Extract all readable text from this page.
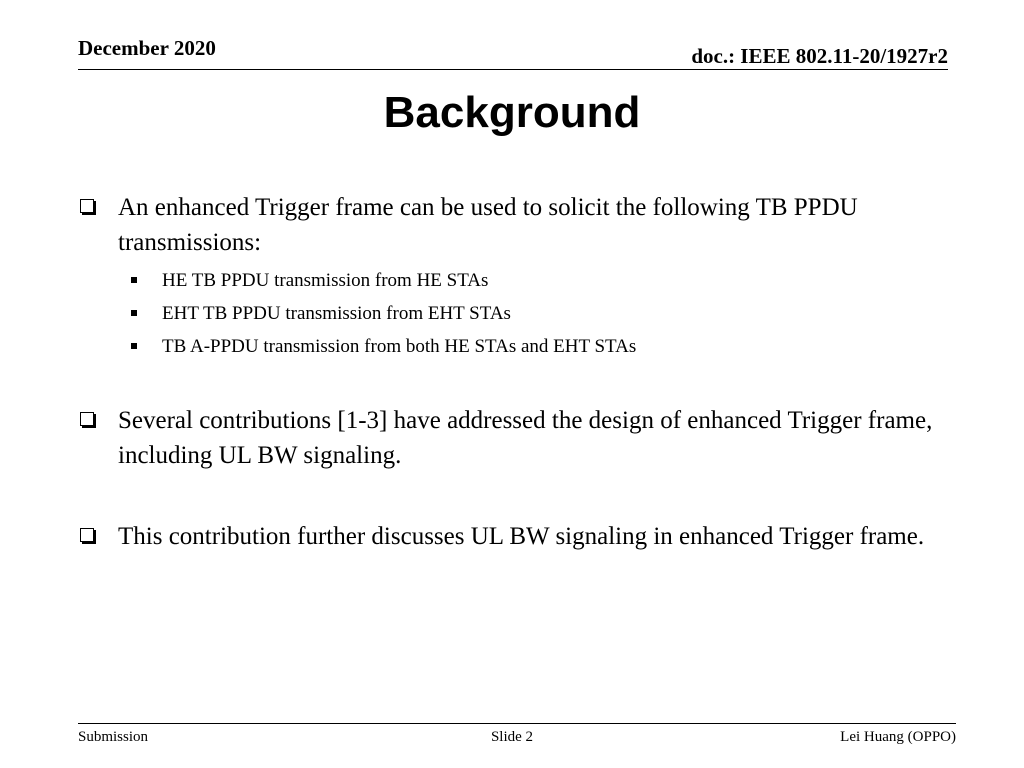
December 2020	doc.: IEEE 802.11-20/1927r2
Background
An enhanced Trigger frame can be used to solicit the following TB PPDU transmissions:
HE TB PPDU transmission from HE STAs
EHT TB PPDU transmission from EHT STAs
TB A-PPDU transmission from both HE STAs and EHT STAs
Several contributions [1-3] have addressed the design of enhanced Trigger frame, including UL BW signaling.
This contribution further discusses UL BW signaling in enhanced Trigger frame.
Submission	Slide 2	Lei Huang (OPPO)
